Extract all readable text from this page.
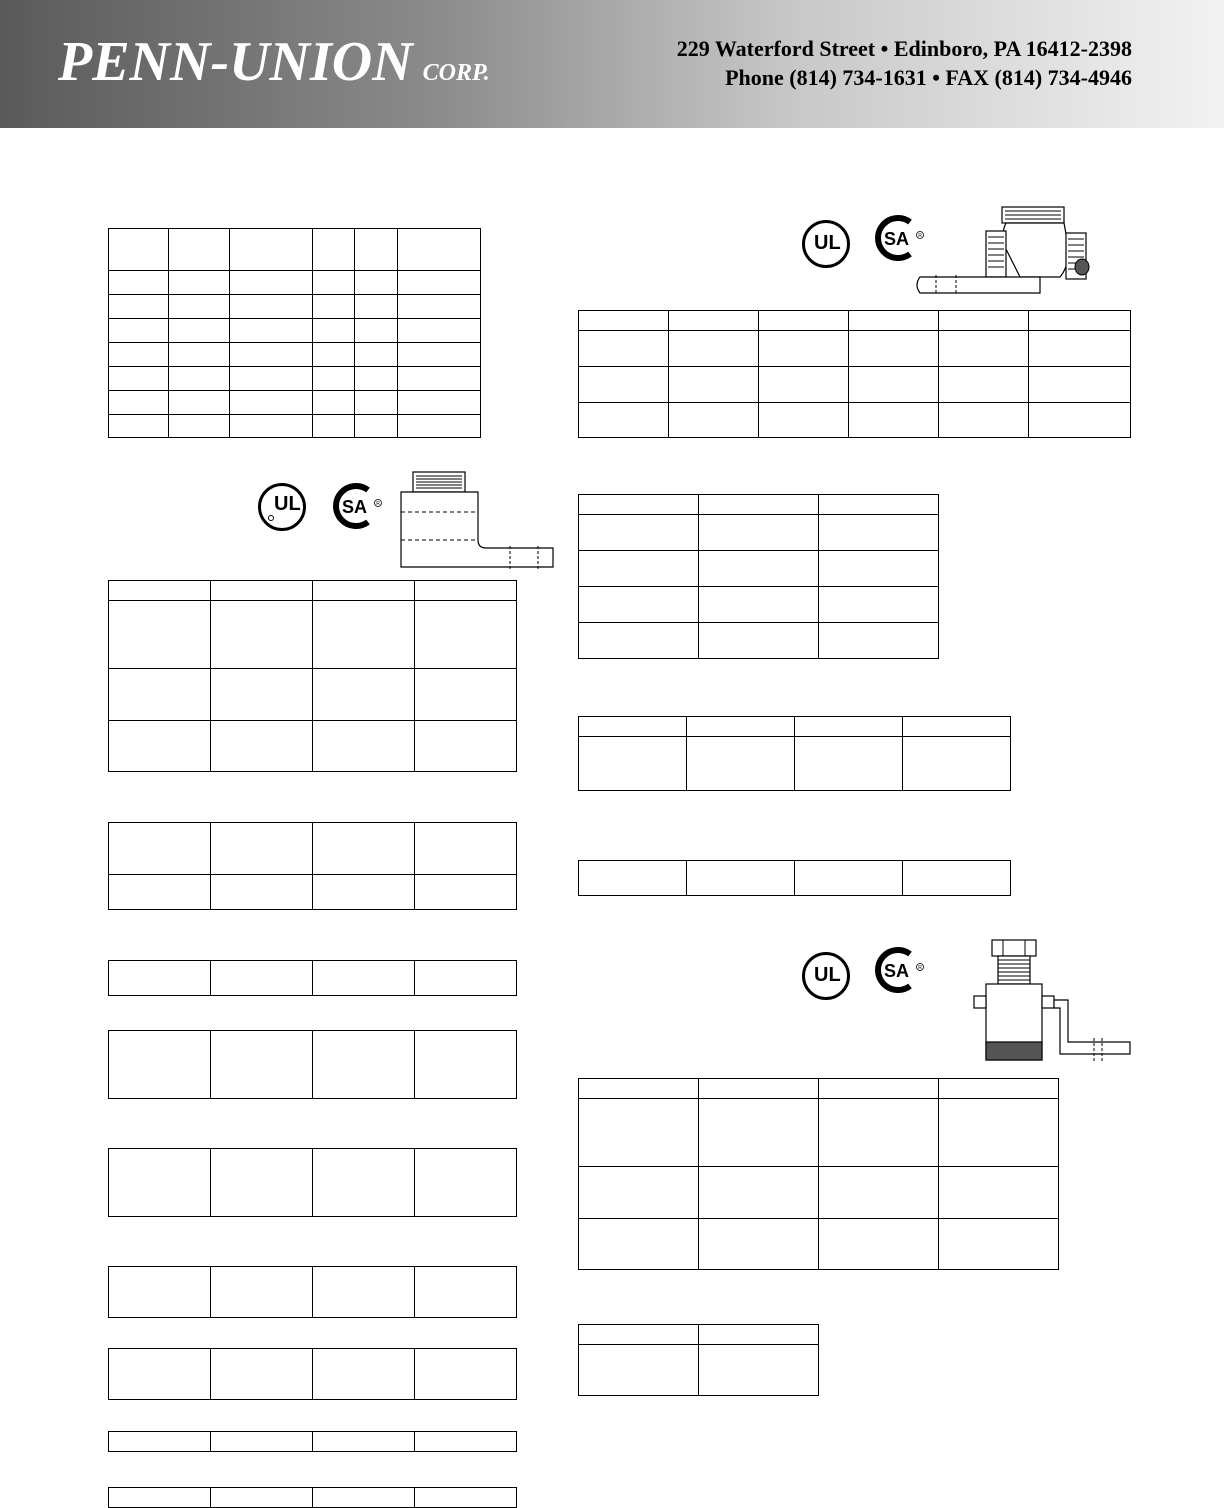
PENN-UNION CORP.
229 Waterford Street • Edinboro, PA 16412-2398
Phone (814) 734-1631 • FAX (814) 734-4946

UL SA R

UL SA R

UL SA R
